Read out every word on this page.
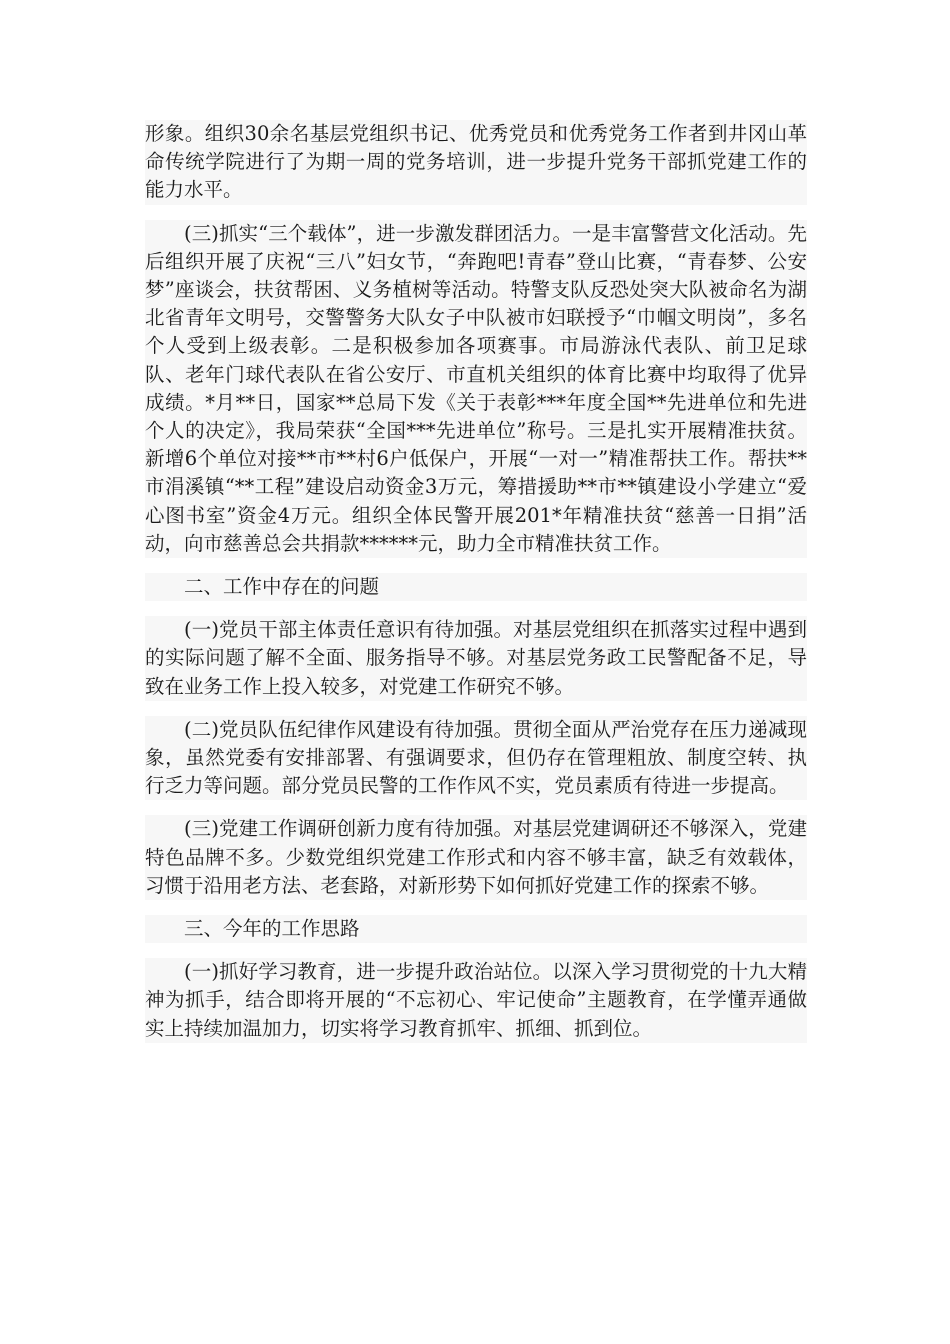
形象。组织30余名基层党组织书记、优秀党员和优秀党务工作者到井冈山革命传统学院进行了为期一周的党务培训，进一步提升党务干部抓党建工作的能力水平。

(三)抓实“三个载体”，进一步激发群团活力。一是丰富警营文化活动。先后组织开展了庆祝“三八”妇女节，“奔跑吧!青春”登山比赛，“青春梦、公安梦”座谈会，扶贫帮困、义务植树等活动。特警支队反恐处突大队被命名为湖北省青年文明号，交警警务大队女子中队被市妇联授予“巾帼文明岗”，多名个人受到上级表彰。二是积极参加各项赛事。市局游泳代表队、前卫足球队、老年门球代表队在省公安厅、市直机关组织的体育比赛中均取得了优异成绩。*月**日，国家**总局下发《关于表彰***年度全国**先进单位和先进个人的决定》，我局荣获“全国***先进单位”称号。三是扎实开展精准扶贫。新增6个单位对接**市**村6户低保户，开展“一对一”精准帮扶工作。帮扶**市涓溪镇“**工程”建设启动资金3万元，筹措援助**市**镇建设小学建立“爱心图书室”资金4万元。组织全体民警开展201*年精准扶贫“慈善一日捐”活动，向市慈善总会共捐款******元，助力全市精准扶贫工作。

二、工作中存在的问题

(一)党员干部主体责任意识有待加强。对基层党组织在抓落实过程中遇到的实际问题了解不全面、服务指导不够。对基层党务政工民警配备不足，导致在业务工作上投入较多，对党建工作研究不够。

(二)党员队伍纪律作风建设有待加强。贯彻全面从严治党存在压力递减现象，虽然党委有安排部署、有强调要求，但仍存在管理粗放、制度空转、执行乏力等问题。部分党员民警的工作作风不实，党员素质有待进一步提高。

(三)党建工作调研创新力度有待加强。对基层党建调研还不够深入，党建特色品牌不多。少数党组织党建工作形式和内容不够丰富，缺乏有效载体，习惯于沿用老方法、老套路，对新形势下如何抓好党建工作的探索不够。

三、今年的工作思路

(一)抓好学习教育，进一步提升政治站位。以深入学习贯彻党的十九大精神为抓手，结合即将开展的“不忘初心、牢记使命”主题教育，在学懂弄通做实上持续加温加力，切实将学习教育抓牢、抓细、抓到位。
